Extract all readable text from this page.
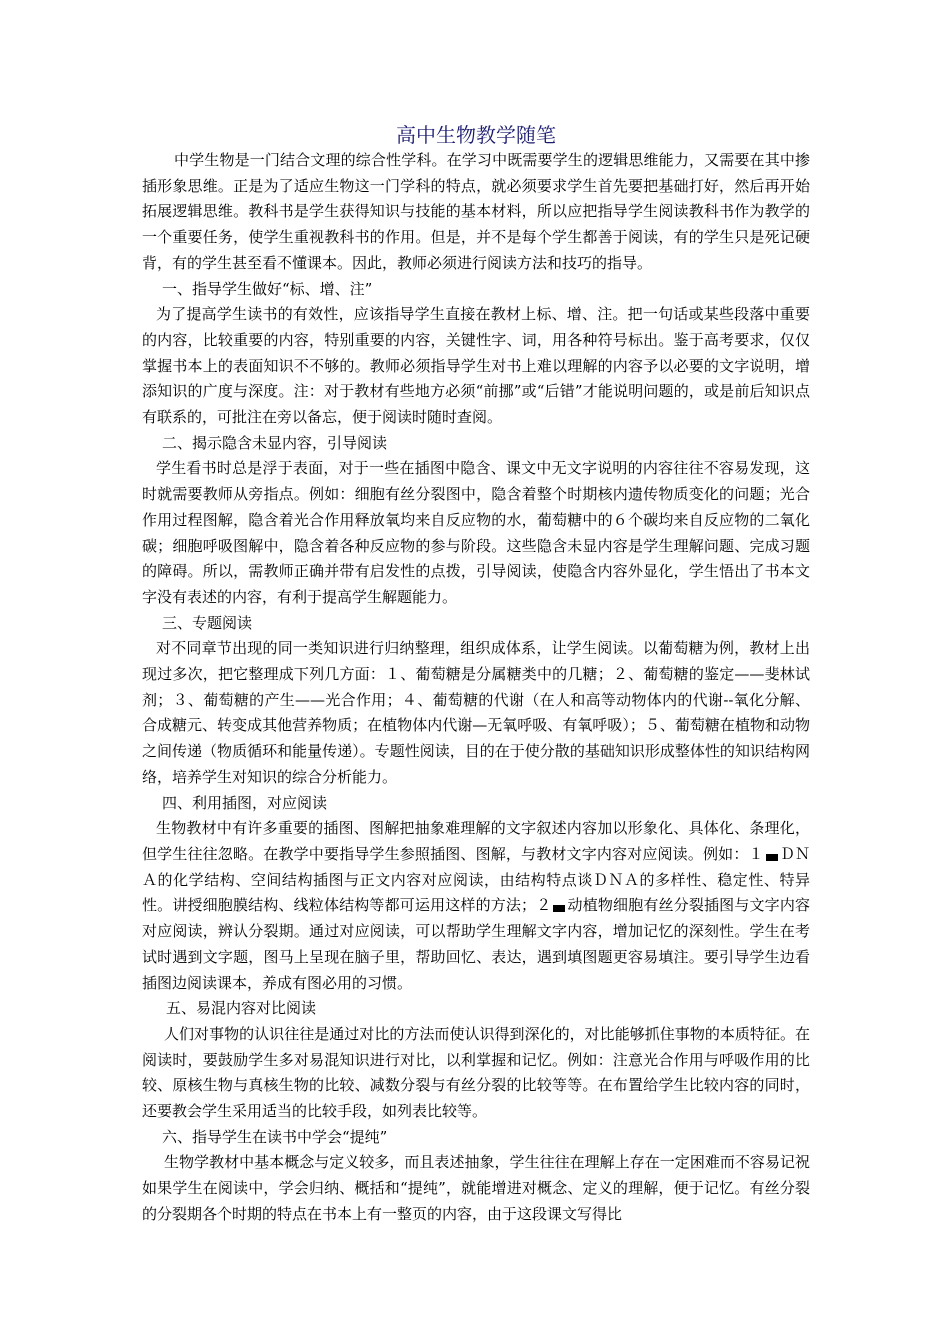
高中生物教学随笔

中学生物是一门结合文理的综合性学科。在学习中既需要学生的逻辑思维能力，又需要在其中掺插形象思维。正是为了适应生物这一门学科的特点，就必须要求学生首先要把基础打好，然后再开始拓展逻辑思维。教科书是学生获得知识与技能的基本材料，所以应把指导学生阅读教科书作为教学的一个重要任务，使学生重视教科书的作用。但是，并不是每个学生都善于阅读，有的学生只是死记硬背，有的学生甚至看不懂课本。因此，教师必须进行阅读方法和技巧的指导。

一、指导学生做好“标、增、注”

为了提高学生读书的有效性，应该指导学生直接在教材上标、增、注。把一句话或某些段落中重要的内容，比较重要的内容，特别重要的内容，关键性字、词，用各种符号标出。鉴于高考要求，仅仅掌握书本上的表面知识不不够的。教师必须指导学生对书上难以理解的内容予以必要的文字说明，增添知识的广度与深度。注：对于教材有些地方必须“前挪”或“后错”才能说明问题的，或是前后知识点有联系的，可批注在旁以备忘，便于阅读时随时查阅。

二、揭示隐含未显内容，引导阅读

学生看书时总是浮于表面，对于一些在插图中隐含、课文中无文字说明的内容往往不容易发现，这时就需要教师从旁指点。例如：细胞有丝分裂图中，隐含着整个时期核内遗传物质变化的问题；光合作用过程图解，隐含着光合作用释放氧均来自反应物的水，葡萄糖中的６个碳均来自反应物的二氧化碳；细胞呼吸图解中，隐含着各种反应物的参与阶段。这些隐含未显内容是学生理解问题、完成习题的障碍。所以，需教师正确并带有启发性的点拨，引导阅读，使隐含内容外显化，学生悟出了书本文字没有表述的内容，有利于提高学生解题能力。

三、专题阅读

对不同章节出现的同一类知识进行归纳整理，组织成体系，让学生阅读。以葡萄糖为例，教材上出现过多次，把它整理成下列几方面：１、葡萄糖是分属糖类中的几糖；２、葡萄糖的鉴定——斐林试剂；３、葡萄糖的产生——光合作用；４、葡萄糖的代谢（在人和高等动物体内的代谢--氧化分解、合成糖元、转变成其他营养物质；在植物体内代谢—无氧呼吸、有氧呼吸）；５、葡萄糖在植物和动物之间传递（物质循环和能量传递）。专题性阅读，目的在于使分散的基础知识形成整体性的知识结构网络，培养学生对知识的综合分析能力。

四、利用插图，对应阅读

生物教材中有许多重要的插图、图解把抽象难理解的文字叙述内容加以形象化、具体化、条理化，但学生往往忽略。在教学中要指导学生参照插图、图解，与教材文字内容对应阅读。例如：１ ＤＮＡ的化学结构、空间结构插图与正文内容对应阅读，由结构特点谈ＤＮＡ的多样性、稳定性、特异性。讲授细胞膜结构、线粒体结构等都可运用这样的方法；２ 动植物细胞有丝分裂插图与文字内容对应阅读，辨认分裂期。通过对应阅读，可以帮助学生理解文字内容，增加记忆的深刻性。学生在考试时遇到文字题，图马上呈现在脑子里，帮助回忆、表达，遇到填图题更容易填注。要引导学生边看插图边阅读课本，养成有图必用的习惯。

五、易混内容对比阅读

人们对事物的认识往往是通过对比的方法而使认识得到深化的，对比能够抓住事物的本质特征。在阅读时，要鼓励学生多对易混知识进行对比，以利掌握和记忆。例如：注意光合作用与呼吸作用的比较、原核生物与真核生物的比较、减数分裂与有丝分裂的比较等等。在布置给学生比较内容的同时，还要教会学生采用适当的比较手段，如列表比较等。

六、指导学生在读书中学会“提纯”

生物学教材中基本概念与定义较多，而且表述抽象，学生往往在理解上存在一定困难而不容易记祝如果学生在阅读中，学会归纳、概括和“提纯”，就能增进对概念、定义的理解，便于记忆。有丝分裂的分裂期各个时期的特点在书本上有一整页的内容，由于这段课文写得比
